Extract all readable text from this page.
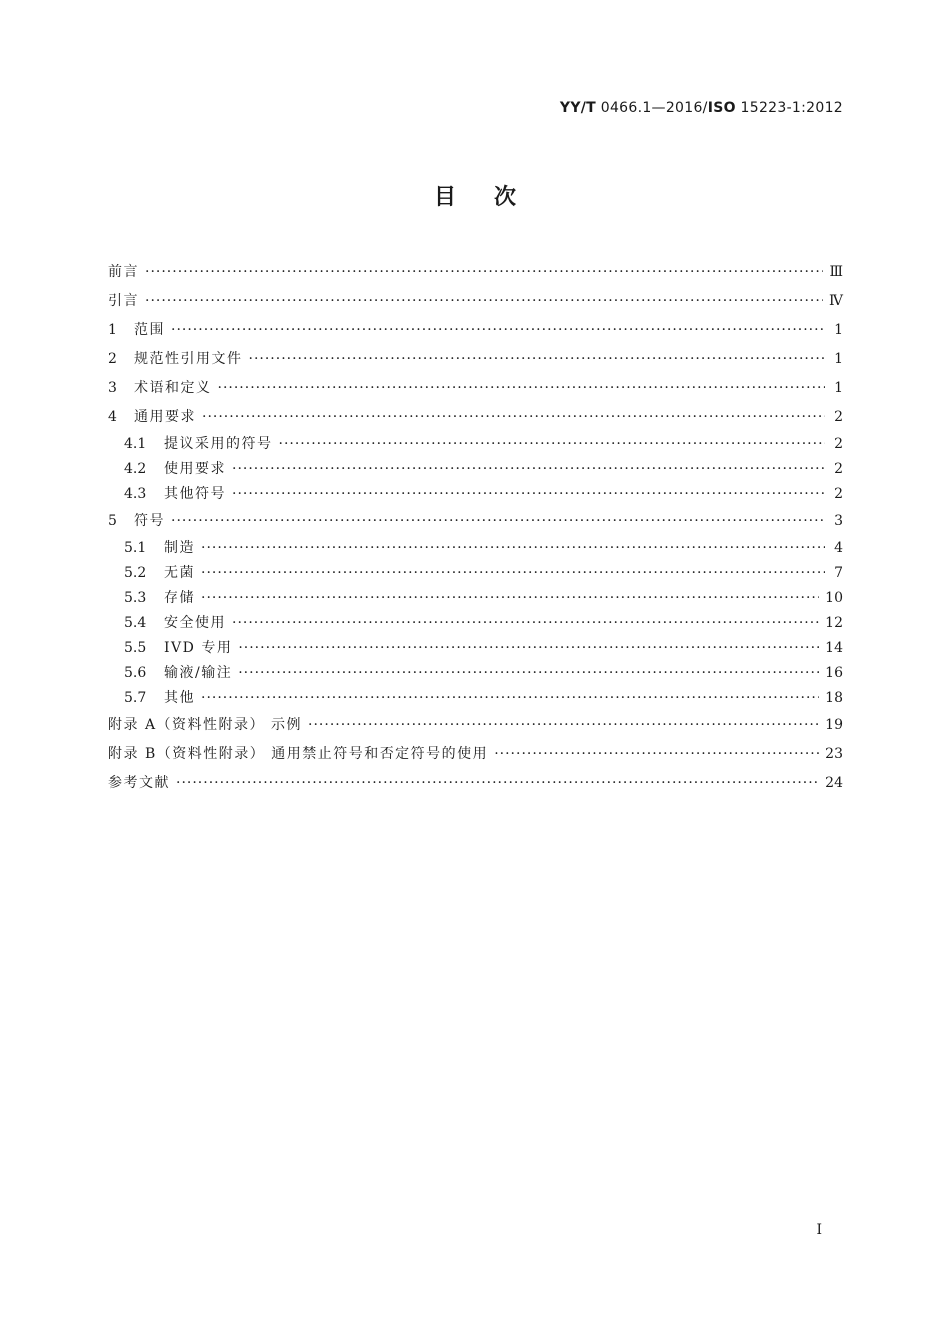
YY/T 0466.1—2016/ISO 15223-1:2012
目次
前言 ·····	Ⅲ
引言 ·····	Ⅳ
1	范围 ·····	1
2	规范性引用文件 ·····	1
3	术语和定义 ·····	1
4	通用要求 ·····	2
4.1	提议采用的符号 ·····	2
4.2	使用要求 ·····	2
4.3	其他符号 ·····	2
5	符号 ·····	3
5.1	制造 ·····	4
5.2	无菌 ·····	7
5.3	存储 ·····	10
5.4	安全使用 ·····	12
5.5	IVD 专用 ·····	14
5.6	输液/输注 ·····	16
5.7	其他 ·····	18
附录 A（资料性附录） 示例 ·····	19
附录 B（资料性附录） 通用禁止符号和否定符号的使用 ·····	23
参考文献 ·····	24
I
